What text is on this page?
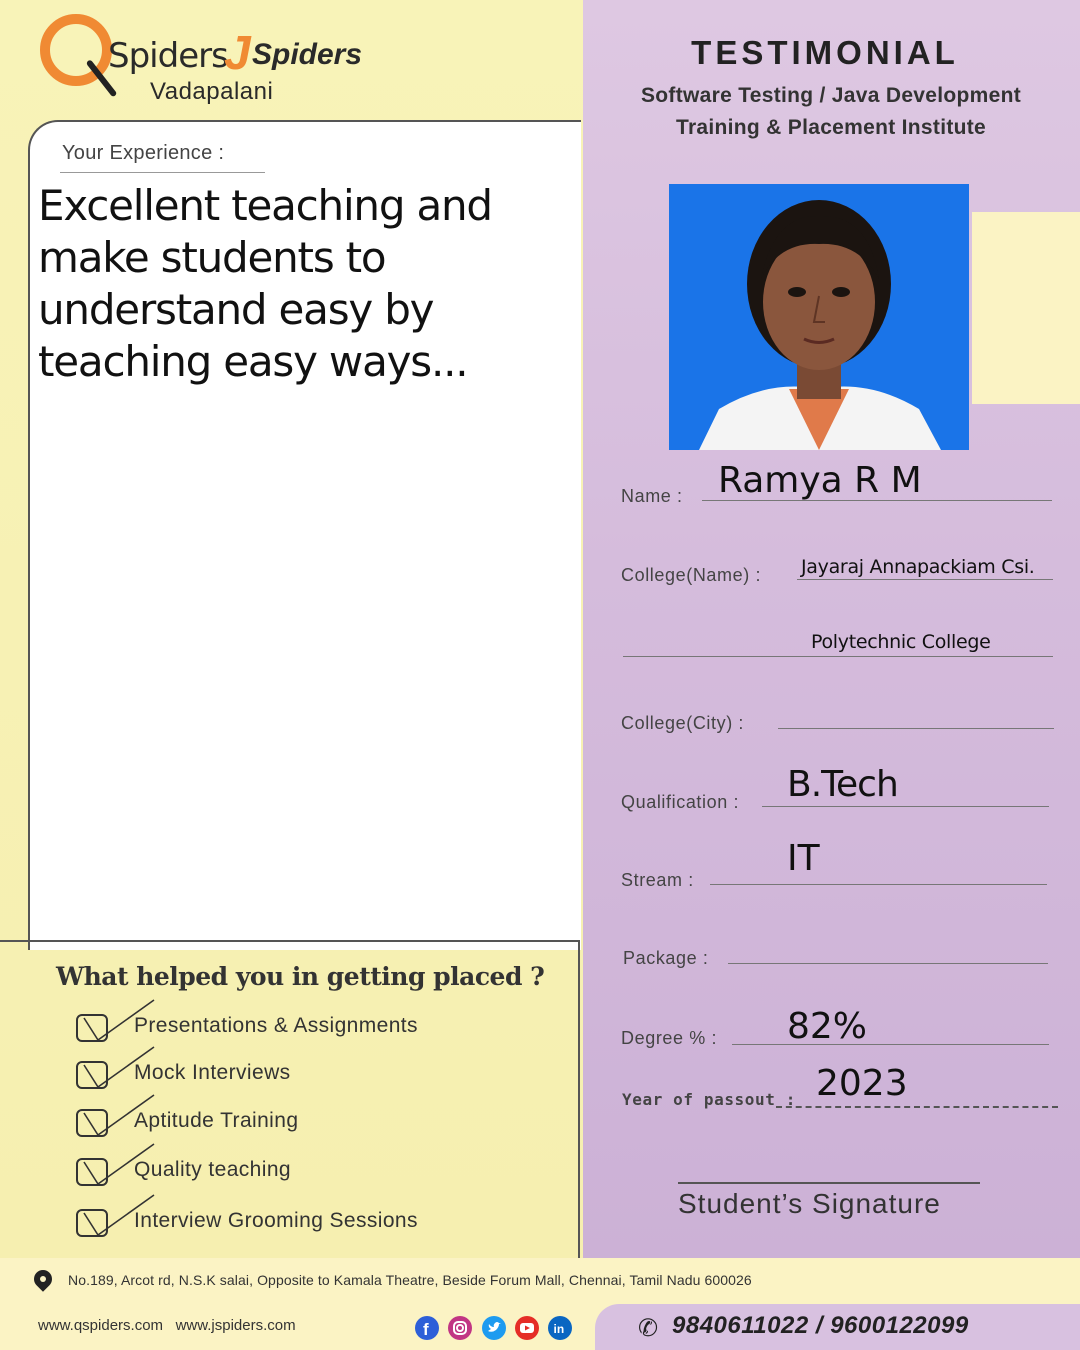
Spiders
J Spiders
Vadapalani
Your Experience :
Excellent teaching and make students to understand easy by teaching easy ways...
What helped you in getting placed ?
Presentations & Assignments
Mock Interviews
Aptitude Training
Quality teaching
Interview Grooming Sessions
TESTIMONIAL
Software Testing / Java Development
Training & Placement Institute
Name : Ramya R M
College(Name) : Jayaraj Annapackiam Csi.
Polytechnic College
College(City) :
Qualification : B.Tech
Stream :
IT
Package :
Degree % : 82%
Year of passout : 2023
Student’s Signature
No.189, Arcot rd, N.S.K salai, Opposite to Kamala Theatre, Beside Forum Mall, Chennai, Tamil Nadu 600026
www.qspiders.com www.jspiders.com	f	in	✆ 9840611022 / 9600122099
